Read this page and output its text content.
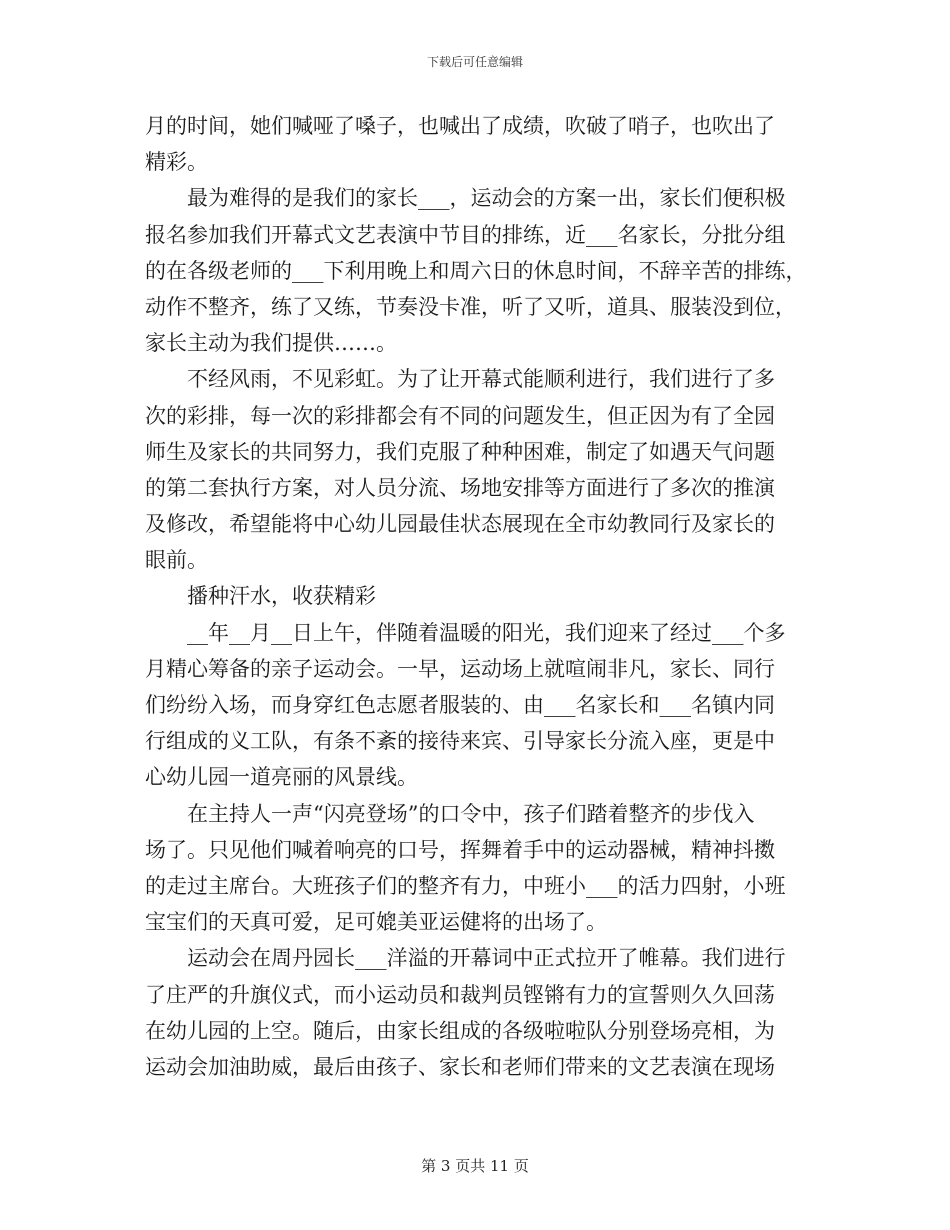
下载后可任意编辑
月的时间，她们喊哑了嗓子，也喊出了成绩，吹破了哨子，也吹出了
精彩。
　　最为难得的是我们的家长___，运动会的方案一出，家长们便积极
报名参加我们开幕式文艺表演中节目的排练，近___名家长，分批分组
的在各级老师的___下利用晚上和周六日的休息时间，不辞辛苦的排练，
动作不整齐，练了又练，节奏没卡准，听了又听，道具、服装没到位，
家长主动为我们提供……。
　　不经风雨，不见彩虹。为了让开幕式能顺利进行，我们进行了多
次的彩排，每一次的彩排都会有不同的问题发生，但正因为有了全园
师生及家长的共同努力，我们克服了种种困难，制定了如遇天气问题
的第二套执行方案，对人员分流、场地安排等方面进行了多次的推演
及修改，希望能将中心幼儿园最佳状态展现在全市幼教同行及家长的
眼前。
　　播种汗水，收获精彩
　　__年__月__日上午，伴随着温暖的阳光，我们迎来了经过___个多
月精心筹备的亲子运动会。一早，运动场上就喧闹非凡，家长、同行
们纷纷入场，而身穿红色志愿者服装的、由___名家长和___名镇内同
行组成的义工队，有条不紊的接待来宾、引导家长分流入座，更是中
心幼儿园一道亮丽的风景线。
　　在主持人一声“闪亮登场”的口令中，孩子们踏着整齐的步伐入
场了。只见他们喊着响亮的口号，挥舞着手中的运动器械，精神抖擞
的走过主席台。大班孩子们的整齐有力，中班小___的活力四射，小班
宝宝们的天真可爱，足可媲美亚运健将的出场了。
　　运动会在周丹园长___洋溢的开幕词中正式拉开了帷幕。我们进行
了庄严的升旗仪式，而小运动员和裁判员铿锵有力的宣誓则久久回荡
在幼儿园的上空。随后，由家长组成的各级啦啦队分别登场亮相，为
运动会加油助威，最后由孩子、家长和老师们带来的文艺表演在现场
第 3 页共 11 页
